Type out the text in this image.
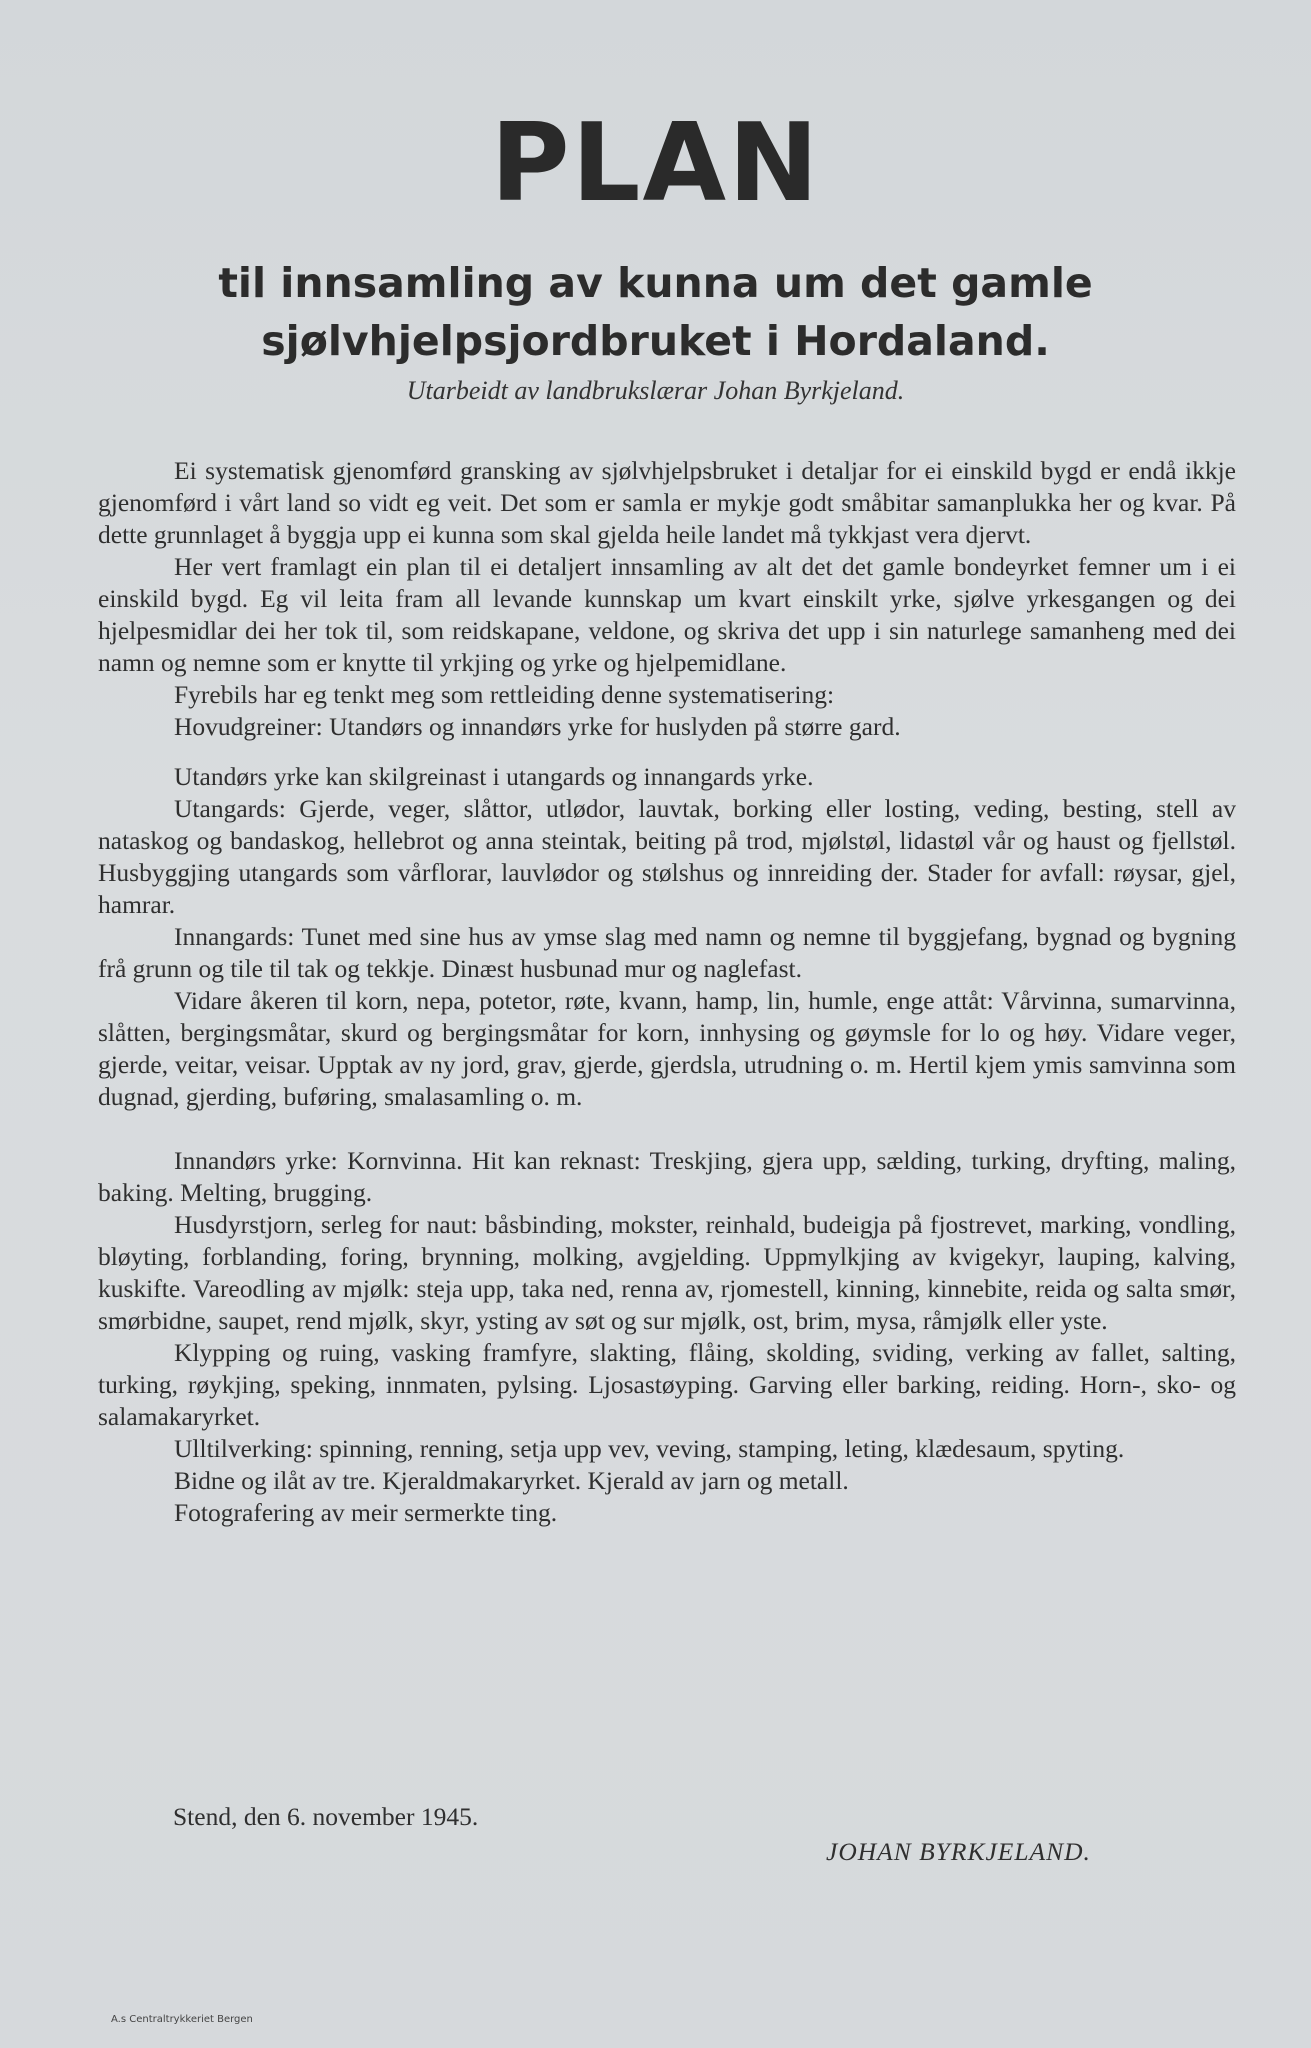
PLAN
til innsamling av kunna um det gamle
sjølvhjelpsjordbruket i Hordaland.
Utarbeidt av landbrukslærar Johan Byrkjeland.

Ei systematisk gjenomførd gransking av sjølvhjelpsbruket i detaljar for ei einskild bygd er endå ikkje gjenomførd i vårt land so vidt eg veit. Det som er samla er mykje godt småbitar samanplukka her og kvar. På dette grunnlaget å byggja upp ei kunna som skal gjelda heile landet må tykkjast vera djervt.

Her vert framlagt ein plan til ei detaljert innsamling av alt det det gamle bondeyrket femner um i ei einskild bygd. Eg vil leita fram all levande kunnskap um kvart einskilt yrke, sjølve yrkesgangen og dei hjelpesmidlar dei her tok til, som reidskapane, veldone, og skriva det upp i sin naturlege samanheng med dei namn og nemne som er knytte til yrkjing og yrke og hjelpemidlane.

Fyrebils har eg tenkt meg som rettleiding denne systematisering:

Hovudgreiner: Utandørs og innandørs yrke for huslyden på større gard.

Utandørs yrke kan skilgreinast i utangards og innangards yrke.

Utangards: Gjerde, veger, slåttor, utlødor, lauvtak, borking eller losting, veding, besting, stell av nataskog og bandaskog, hellebrot og anna steintak, beiting på trod, mjølstøl, lidastøl vår og haust og fjellstøl. Husbyggjing utangards som vårflorar, lauvlødor og stølshus og innreiding der. Stader for avfall: røysar, gjel, hamrar.

Innangards: Tunet med sine hus av ymse slag med namn og nemne til byggjefang, bygnad og bygning frå grunn og tile til tak og tekkje. Dinæst husbunad mur og naglefast.

Vidare åkeren til korn, nepa, potetor, røte, kvann, hamp, lin, humle, enge attåt: Vårvinna, sumarvinna, slåtten, bergingsmåtar, skurd og bergingsmåtar for korn, innhysing og gøymsle for lo og høy. Vidare veger, gjerde, veitar, veisar. Upptak av ny jord, grav, gjerde, gjerdsla, utrudning o. m. Hertil kjem ymis samvinna som dugnad, gjerding, buføring, smalasamling o. m.

Innandørs yrke: Kornvinna. Hit kan reknast: Treskjing, gjera upp, sælding, turking, dryfting, maling, baking. Melting, brugging.

Husdyrstjorn, serleg for naut: båsbinding, mokster, reinhald, budeigja på fjostrevet, marking, vondling, bløyting, forblanding, foring, brynning, molking, avgjelding. Uppmylkjing av kvigekyr, lauping, kalving, kuskifte. Vareodling av mjølk: steja upp, taka ned, renna av, rjomestell, kinning, kinnebite, reida og salta smør, smørbidne, saupet, rend mjølk, skyr, ysting av søt og sur mjølk, ost, brim, mysa, råmjølk eller yste.

Klypping og ruing, vasking framfyre, slakting, flåing, skolding, sviding, verking av fallet, salting, turking, røykjing, speking, innmaten, pylsing. Ljosastøyping. Garving eller barking, reiding. Horn-, sko- og salamakaryrket.

Ulltilverking: spinning, renning, setja upp vev, veving, stamping, leting, klædesaum, spyting.

Bidne og ilåt av tre. Kjeraldmakaryrket. Kjerald av jarn og metall.

Fotografering av meir sermerkte ting.

Stend, den 6. november 1945.
JOHAN BYRKJELAND.
A.s Centraltrykkeriet Bergen
